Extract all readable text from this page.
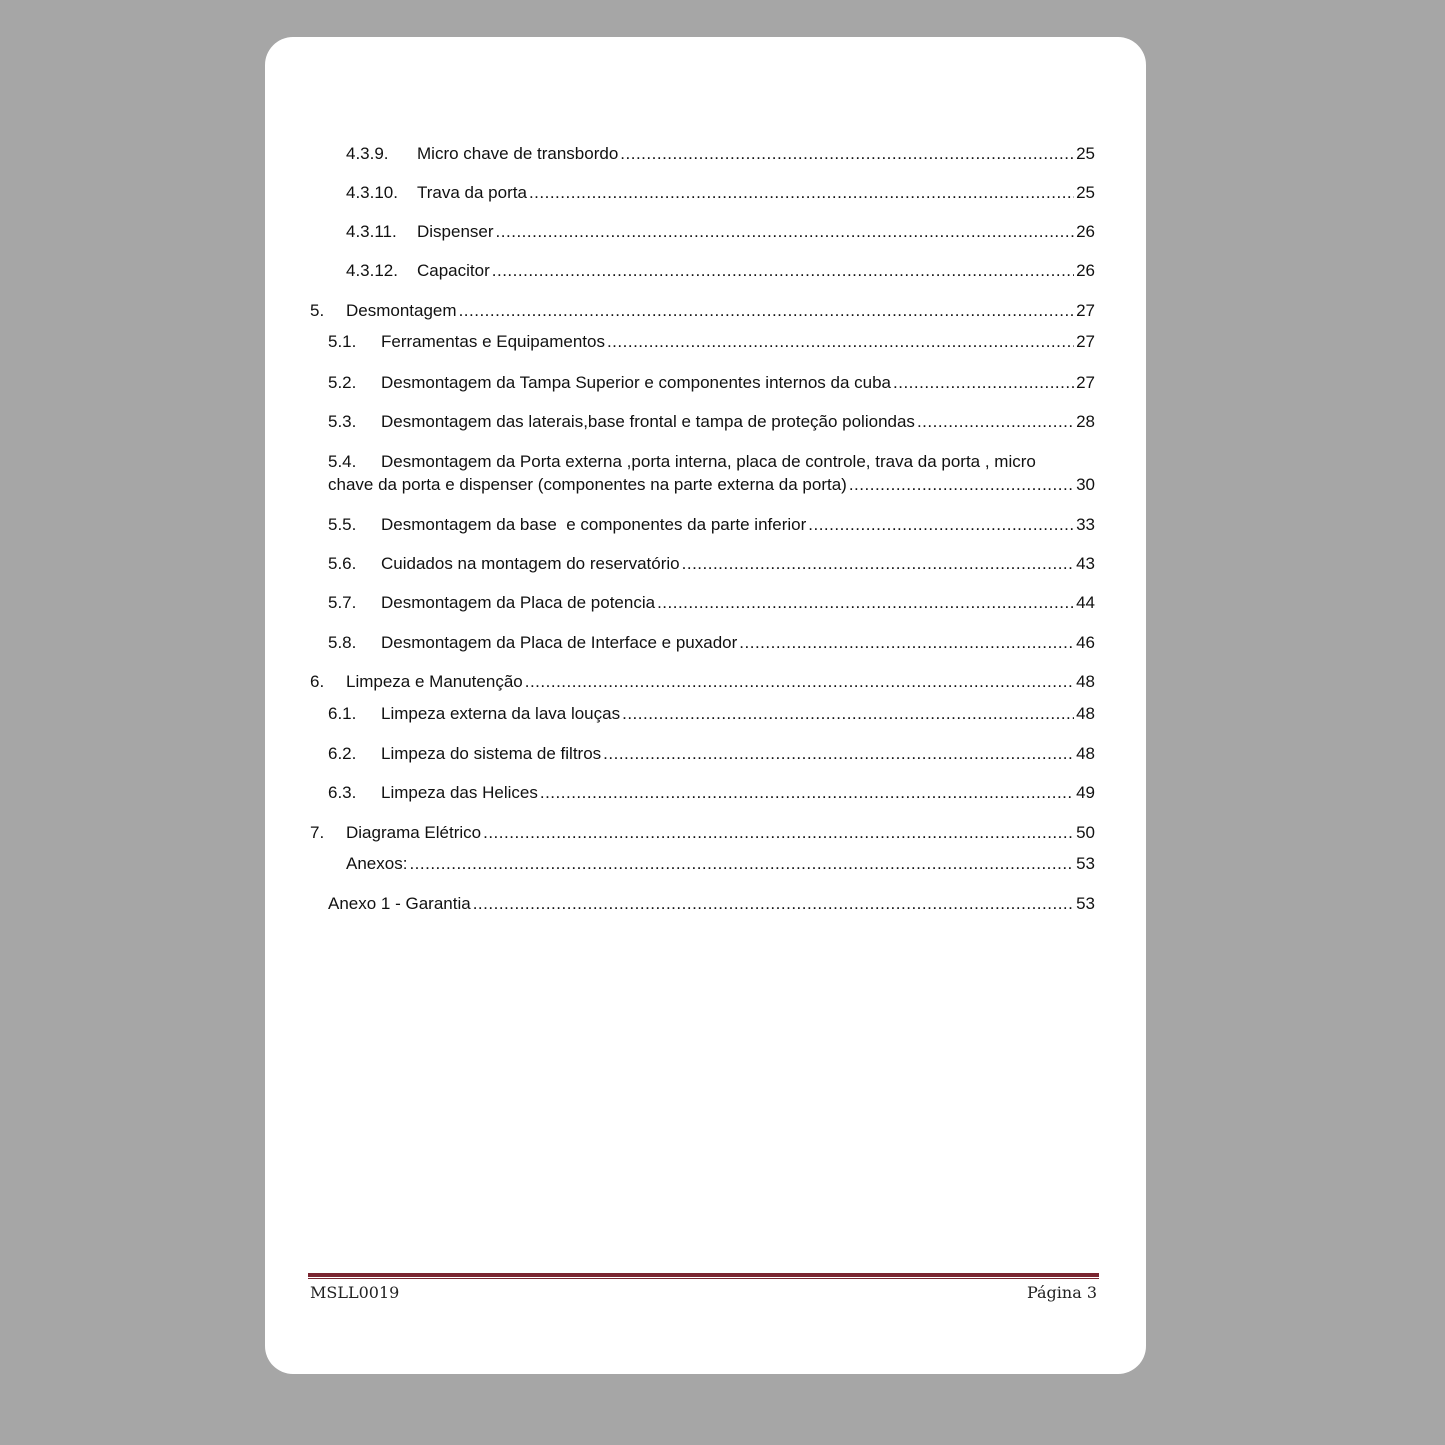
4.3.9.	Micro chave de transbordo .....	25
4.3.10.	Trava da porta .....	25
4.3.11.	Dispenser .....	26
4.3.12.	Capacitor .....	26
5.	Desmontagem .....	27
5.1.	Ferramentas e Equipamentos .....	27
5.2.	Desmontagem da Tampa Superior e componentes internos da cuba .....	27
5.3.	Desmontagem das laterais,base frontal e tampa de proteção poliondas .....	28
5.4. Desmontagem da Porta externa ,porta interna, placa de controle, trava da porta , micro
chave da porta e dispenser (componentes na parte externa da porta) .....	30
5.5.	Desmontagem da base  e componentes da parte inferior .....	33
5.6.	Cuidados na montagem do reservatório .....	43
5.7.	Desmontagem da Placa de potencia .....	44
5.8.	Desmontagem da Placa de Interface e puxador .....	46
6.	Limpeza e Manutenção .....	48
6.1.	Limpeza externa da lava louças .....	48
6.2.	Limpeza do sistema de filtros .....	48
6.3.	Limpeza das Helices .....	49
7.	Diagrama Elétrico .....	50
Anexos: .....	53
Anexo 1 - Garantia .....	53
MSLL0019	Página 3
